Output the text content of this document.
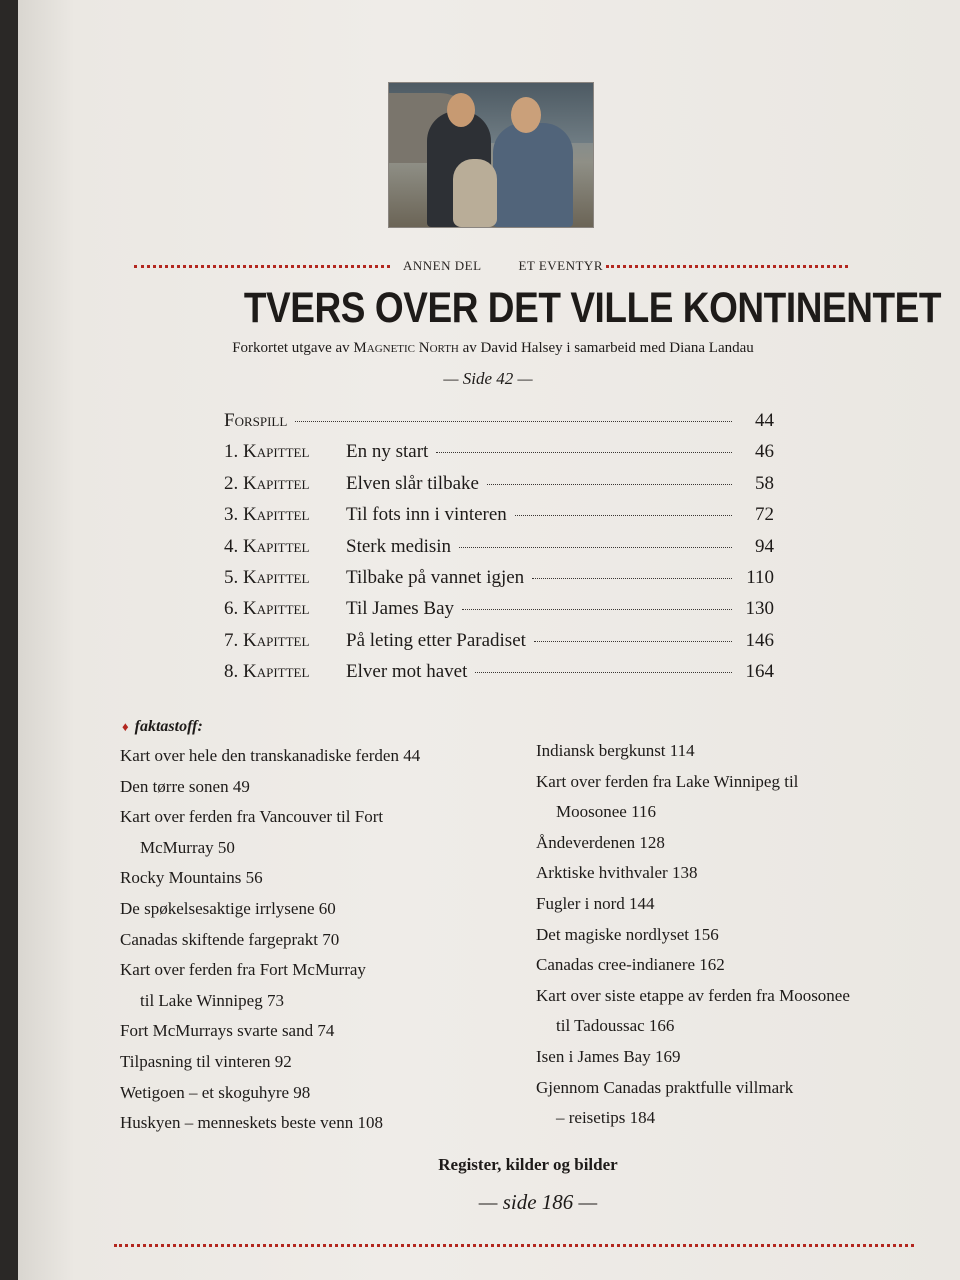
ANNEN DEL	ET EVENTYR
TVERS OVER DET VILLE KONTINENTET
Forkortet utgave av Magnetic North av David Halsey i samarbeid med Diana Landau
— Side 42 —
Forspill	44
1. Kapittel	En ny start	46
2. Kapittel	Elven slår tilbake	58
3. Kapittel	Til fots inn i vinteren	72
4. Kapittel	Sterk medisin	94
5. Kapittel	Tilbake på vannet igjen	110
6. Kapittel	Til James Bay	130
7. Kapittel	På leting etter Paradiset	146
8. Kapittel	Elver mot havet	164
♦ faktastoff:
Kart over hele den transkanadiske ferden 44
Den tørre sonen 49
Kart over ferden fra Vancouver til Fort
McMurray 50
Rocky Mountains 56
De spøkelsesaktige irrlysene 60
Canadas skiftende fargeprakt 70
Kart over ferden fra Fort McMurray
til Lake Winnipeg 73
Fort McMurrays svarte sand 74
Tilpasning til vinteren 92
Wetigoen – et skoguhyre 98
Huskyen – menneskets beste venn 108
Indiansk bergkunst 114
Kart over ferden fra Lake Winnipeg til
Moosonee 116
Åndeverdenen 128
Arktiske hvithvaler 138
Fugler i nord 144
Det magiske nordlyset 156
Canadas cree-indianere 162
Kart over siste etappe av ferden fra Moosonee
til Tadoussac 166
Isen i James Bay 169
Gjennom Canadas praktfulle villmark
– reisetips 184
Register, kilder og bilder
— side 186 —
